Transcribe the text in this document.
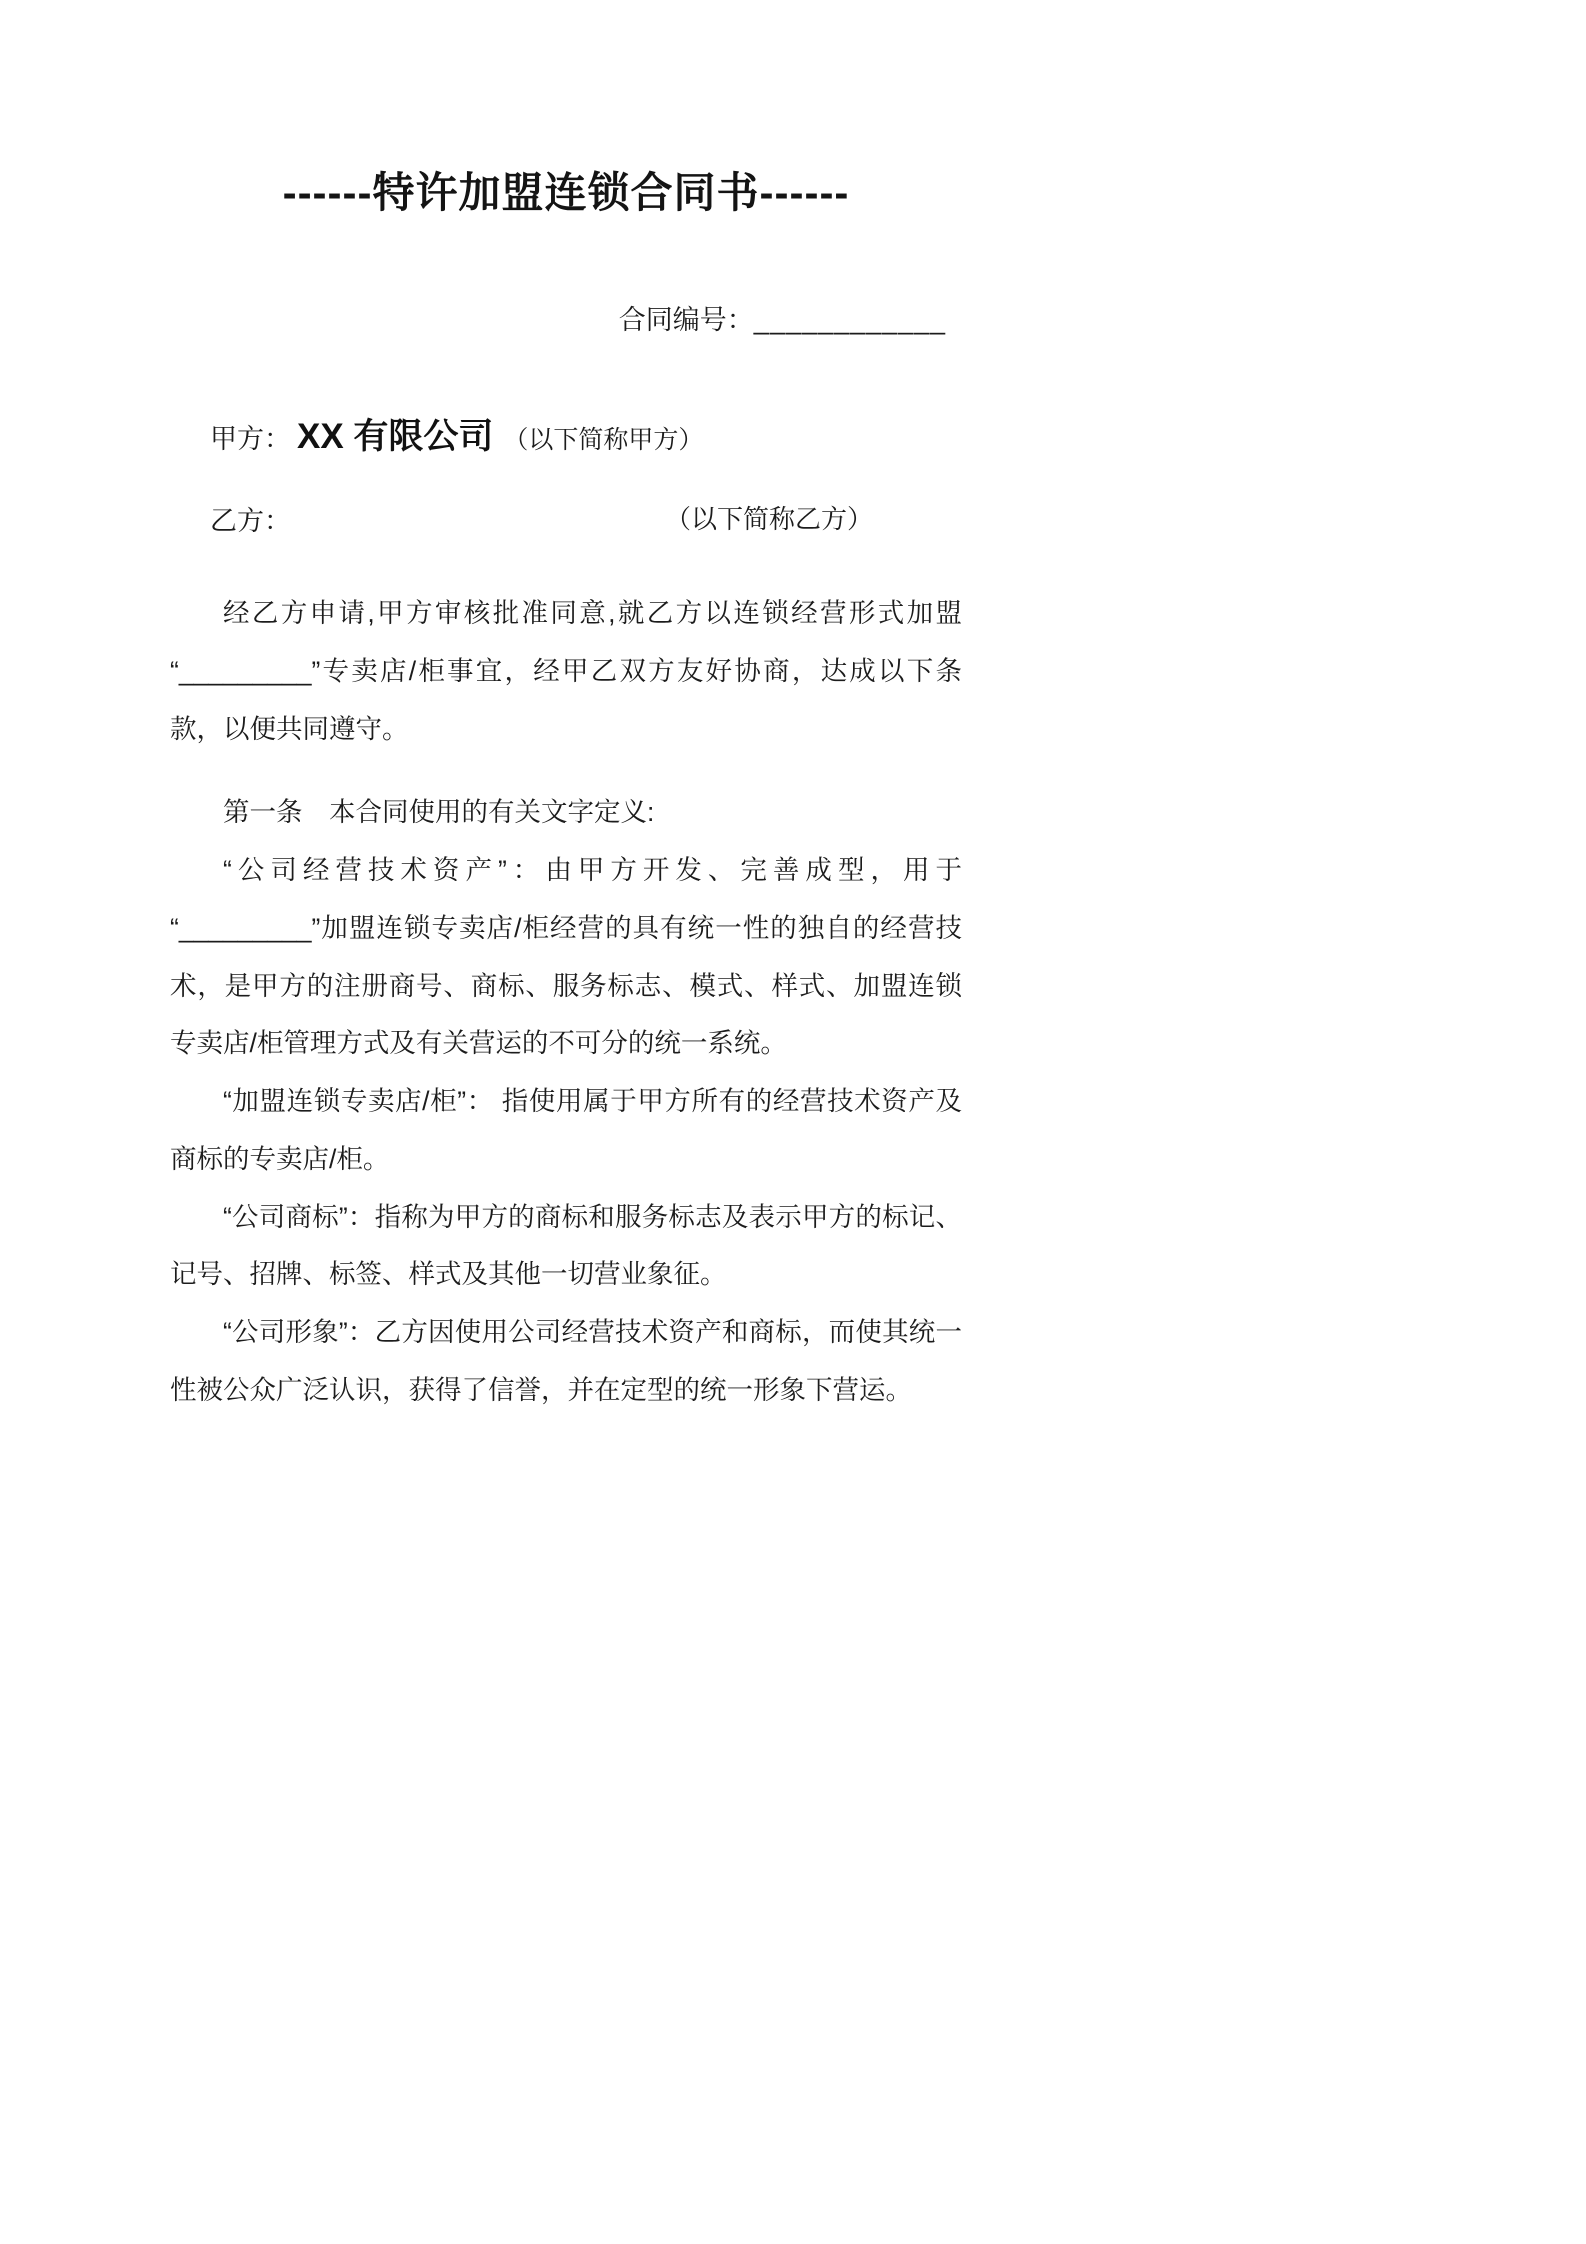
------特许加盟连锁合同书------
合同编号：____________
甲方： XX 有限公司 （以下简称甲方）
乙方：	（以下简称乙方）

经乙方申请,甲方审核批准同意,就乙方以连锁经营形式加盟“_________”专卖店/柜事宜，经甲乙双方友好协商，达成以下条款，以便共同遵守。

第一条　本合同使用的有关文字定义:

“公司经营技术资产”：由甲方开发、完善成型，用于“_________”加盟连锁专卖店/柜经营的具有统一性的独自的经营技术，是甲方的注册商号、商标、服务标志、模式、样式、加盟连锁专卖店/柜管理方式及有关营运的不可分的统一系统。

“加盟连锁专卖店/柜”： 指使用属于甲方所有的经营技术资产及商标的专卖店/柜。

“公司商标”：指称为甲方的商标和服务标志及表示甲方的标记、记号、招牌、标签、样式及其他一切营业象征。

“公司形象”：乙方因使用公司经营技术资产和商标，而使其统一性被公众广泛认识，获得了信誉，并在定型的统一形象下营运。
